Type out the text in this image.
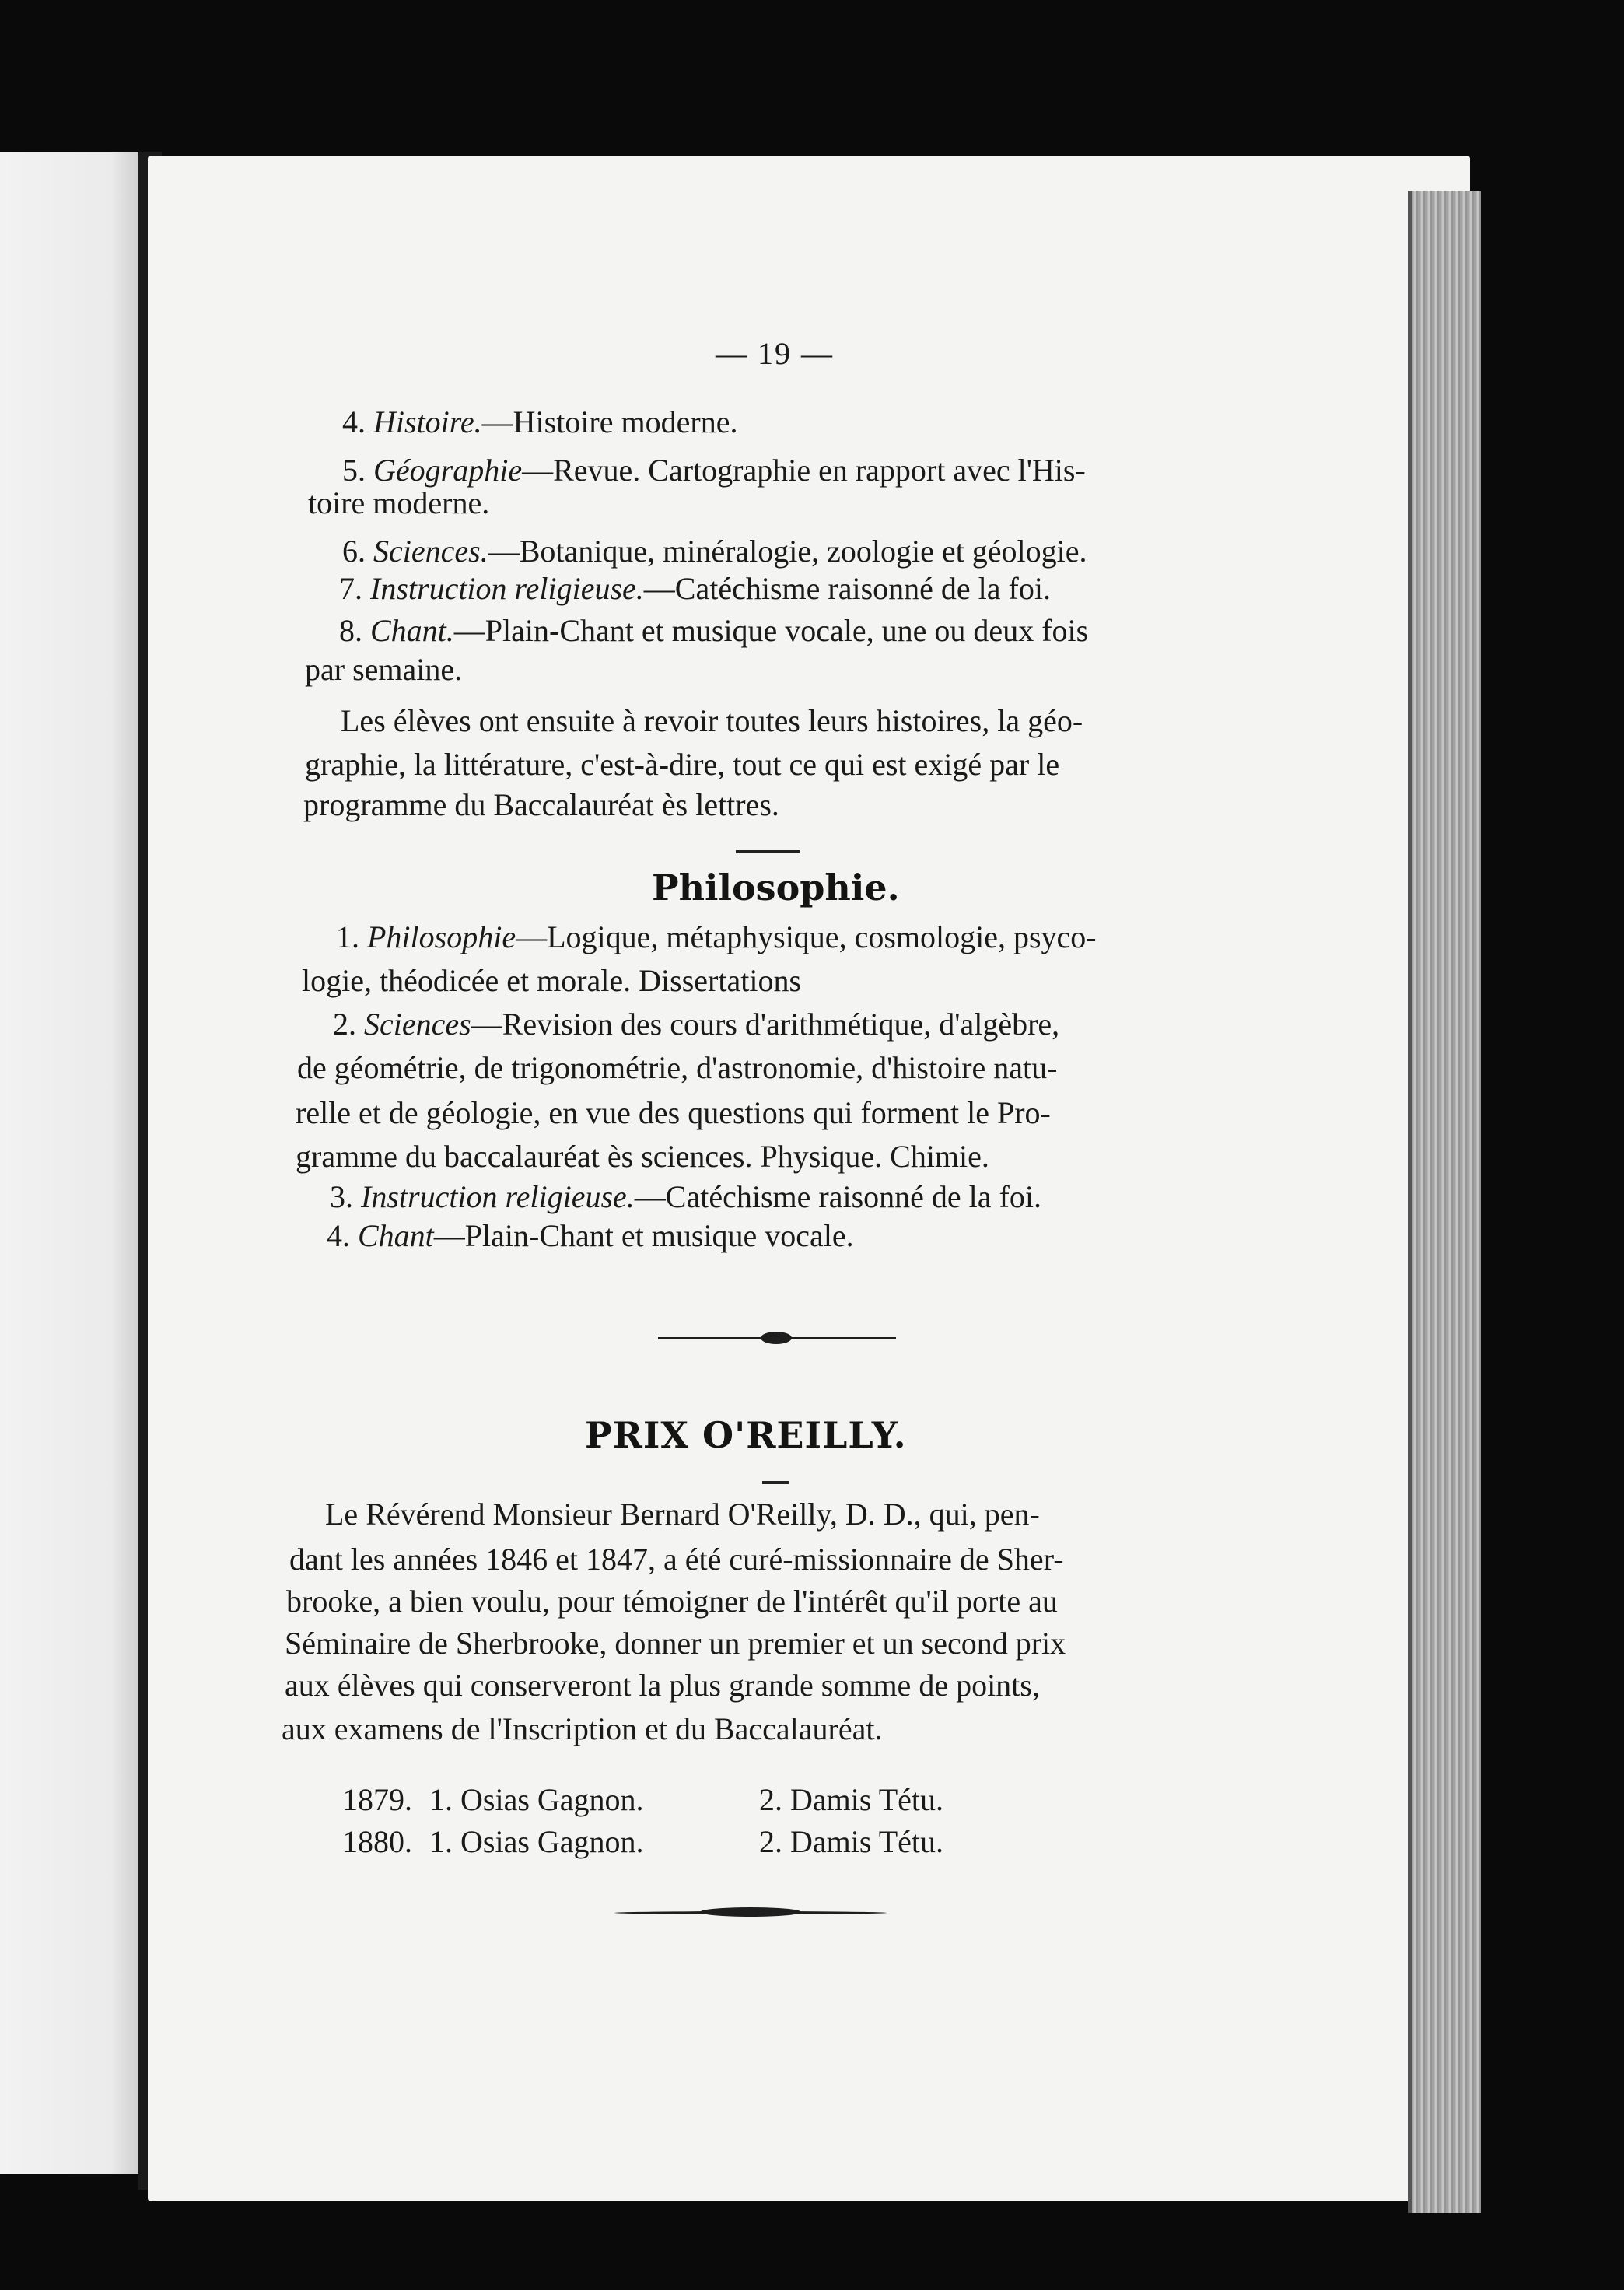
— 19 —
4. Histoire.—Histoire moderne.
5. Géographie—Revue. Cartographie en rapport avec l'His-
toire moderne.
6. Sciences.—Botanique, minéralogie, zoologie et géologie.
7. Instruction religieuse.—Catéchisme raisonné de la foi.
8. Chant.—Plain-Chant et musique vocale, une ou deux fois
par semaine.
Les élèves ont ensuite à revoir toutes leurs histoires, la géo-
graphie, la littérature, c'est-à-dire, tout ce qui est exigé par le
programme du Baccalauréat ès lettres.
Philosophie.
1. Philosophie—Logique, métaphysique, cosmologie, psyco-
logie, théodicée et morale. Dissertations
2. Sciences—Revision des cours d'arithmétique, d'algèbre,
de géométrie, de trigonométrie, d'astronomie, d'histoire natu-
relle et de géologie, en vue des questions qui forment le Pro-
gramme du baccalauréat ès sciences. Physique. Chimie.
3. Instruction religieuse.—Catéchisme raisonné de la foi.
4. Chant—Plain-Chant et musique vocale.
PRIX O'REILLY.
Le Révérend Monsieur Bernard O'Reilly, D. D., qui, pen-
dant les années 1846 et 1847, a été curé-missionnaire de Sher-
brooke, a bien voulu, pour témoigner de l'intérêt qu'il porte au
Séminaire de Sherbrooke, donner un premier et un second prix
aux élèves qui conserveront la plus grande somme de points,
aux examens de l'Inscription et du Baccalauréat.
1879. 1. Osias Gagnon.	2. Damis Tétu.
1880. 1. Osias Gagnon.	2. Damis Tétu.
